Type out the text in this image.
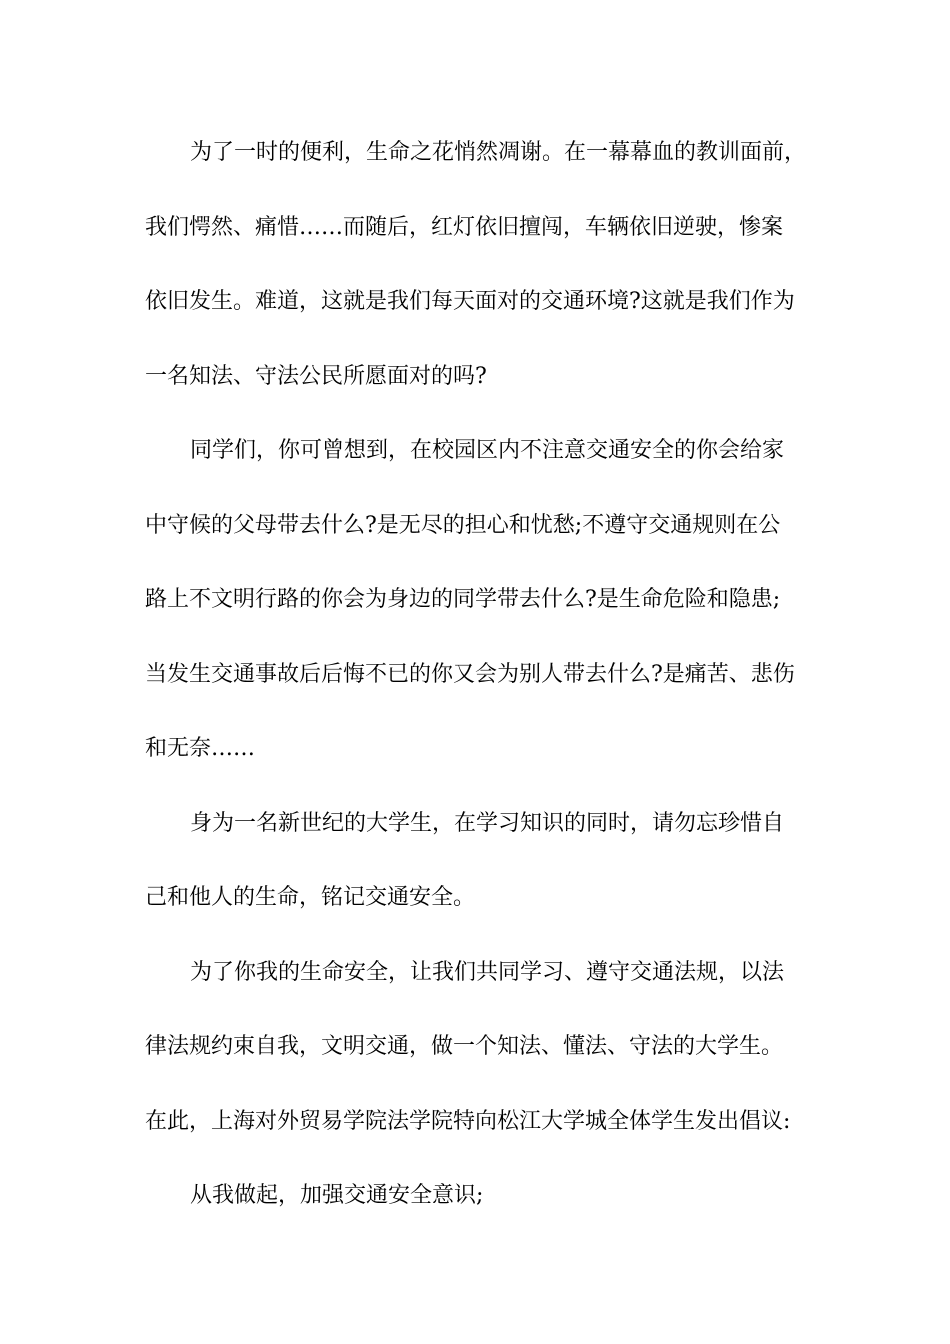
为了一时的便利，生命之花悄然凋谢。在一幕幕血的教训面前，
我们愕然、痛惜……而随后，红灯依旧擅闯，车辆依旧逆驶，惨案
依旧发生。难道，这就是我们每天面对的交通环境?这就是我们作为
一名知法、守法公民所愿面对的吗?
同学们，你可曾想到，在校园区内不注意交通安全的你会给家
中守候的父母带去什么?是无尽的担心和忧愁;不遵守交通规则在公
路上不文明行路的你会为身边的同学带去什么?是生命危险和隐患;
当发生交通事故后后悔不已的你又会为别人带去什么?是痛苦、悲伤
和无奈……
身为一名新世纪的大学生，在学习知识的同时，请勿忘珍惜自
己和他人的生命，铭记交通安全。
为了你我的生命安全，让我们共同学习、遵守交通法规，以法
律法规约束自我，文明交通，做一个知法、懂法、守法的大学生。
在此，上海对外贸易学院法学院特向松江大学城全体学生发出倡议:
从我做起，加强交通安全意识;
